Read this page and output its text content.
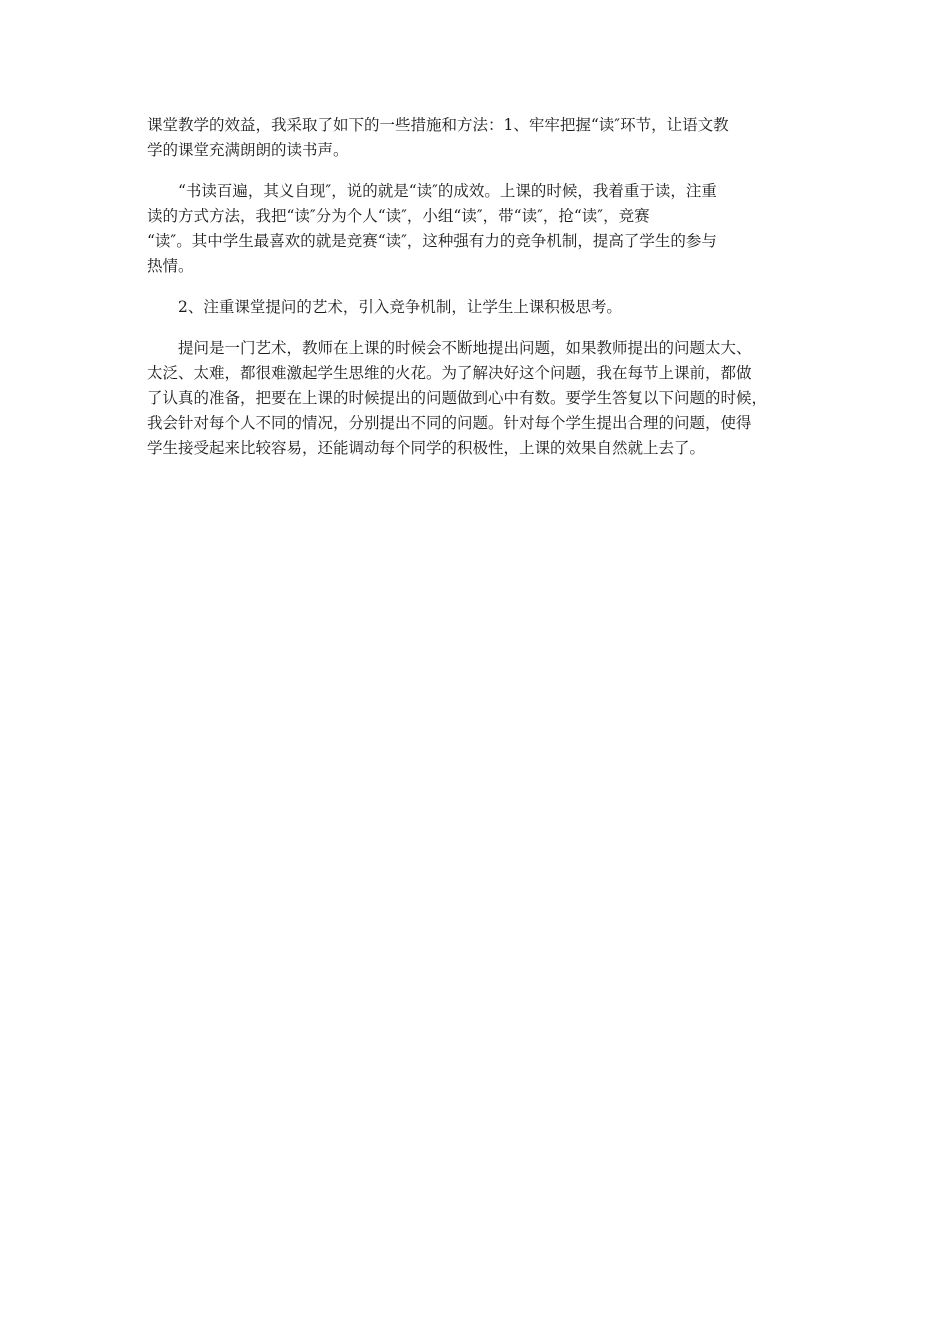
课堂教学的效益，我采取了如下的一些措施和方法：1、牢牢把握“读″环节，让语文教
学的课堂充满朗朗的读书声。

“书读百遍，其义自现″，说的就是“读″的成效。上课的时候，我着重于读，注重
读的方式方法，我把“读″分为个人“读″，小组“读″，带“读″，抢“读″，竞赛
“读″。其中学生最喜欢的就是竞赛“读″，这种强有力的竞争机制，提高了学生的参与
热情。

2、注重课堂提问的艺术，引入竞争机制，让学生上课积极思考。

提问是一门艺术，教师在上课的时候会不断地提出问题，如果教师提出的问题太大、
太泛、太难，都很难激起学生思维的火花。为了解决好这个问题，我在每节上课前，都做
了认真的准备，把要在上课的时候提出的问题做到心中有数。要学生答复以下问题的时候，
我会针对每个人不同的情况，分别提出不同的问题。针对每个学生提出合理的问题，使得
学生接受起来比较容易，还能调动每个同学的积极性，上课的效果自然就上去了。
